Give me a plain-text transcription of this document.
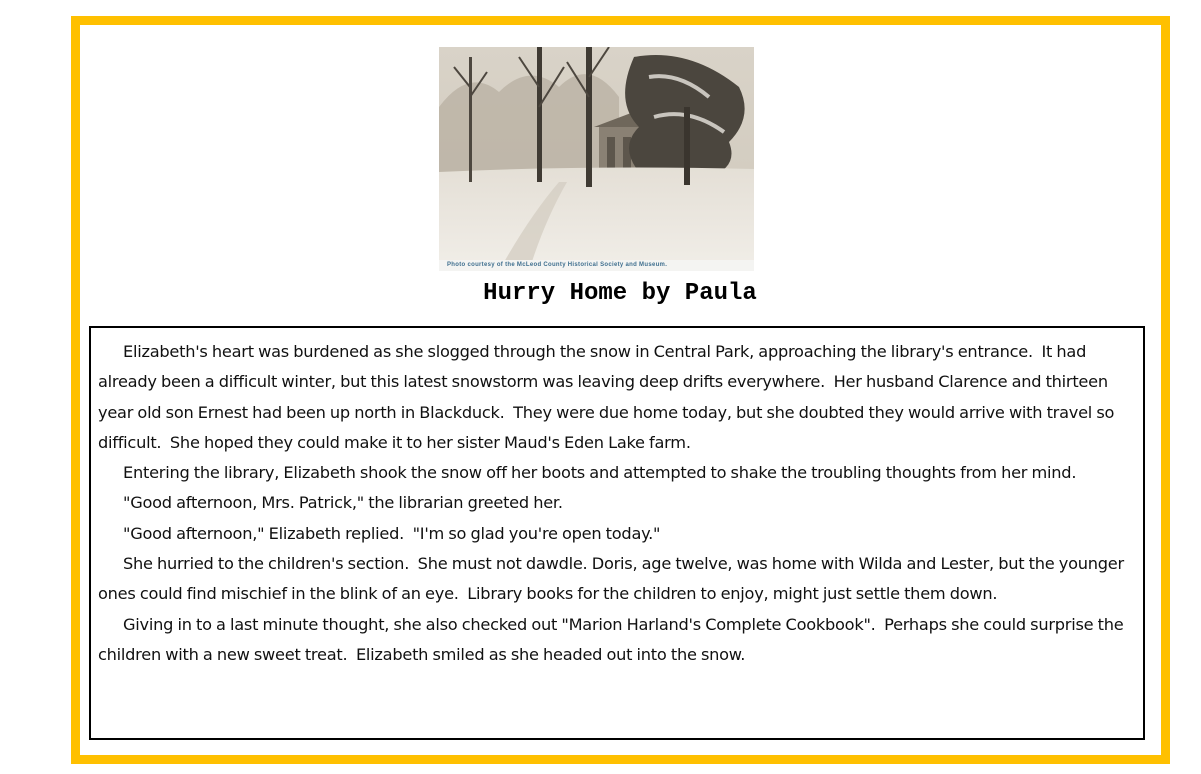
Photo courtesy of the McLeod County Historical Society and Museum.
Hurry Home by Paula

Elizabeth's heart was burdened as she slogged through the snow in Central Park, approaching the library's entrance.  It had already been a difficult winter, but this latest snowstorm was leaving deep drifts everywhere.  Her husband Clarence and thirteen year old son Ernest had been up north in Blackduck.  They were due home today, but she doubted they would arrive with travel so difficult.  She hoped they could make it to her sister Maud's Eden Lake farm.

Entering the library, Elizabeth shook the snow off her boots and attempted to shake the troubling thoughts from her mind.

"Good afternoon, Mrs. Patrick," the librarian greeted her.

"Good afternoon," Elizabeth replied.  "I'm so glad you're open today."

She hurried to the children's section.  She must not dawdle. Doris, age twelve, was home with Wilda and Lester, but the younger ones could find mischief in the blink of an eye.  Library books for the children to enjoy, might just settle them down.

Giving in to a last minute thought, she also checked out "Marion Harland's Complete Cookbook".  Perhaps she could surprise the children with a new sweet treat.  Elizabeth smiled as she headed out into the snow.
